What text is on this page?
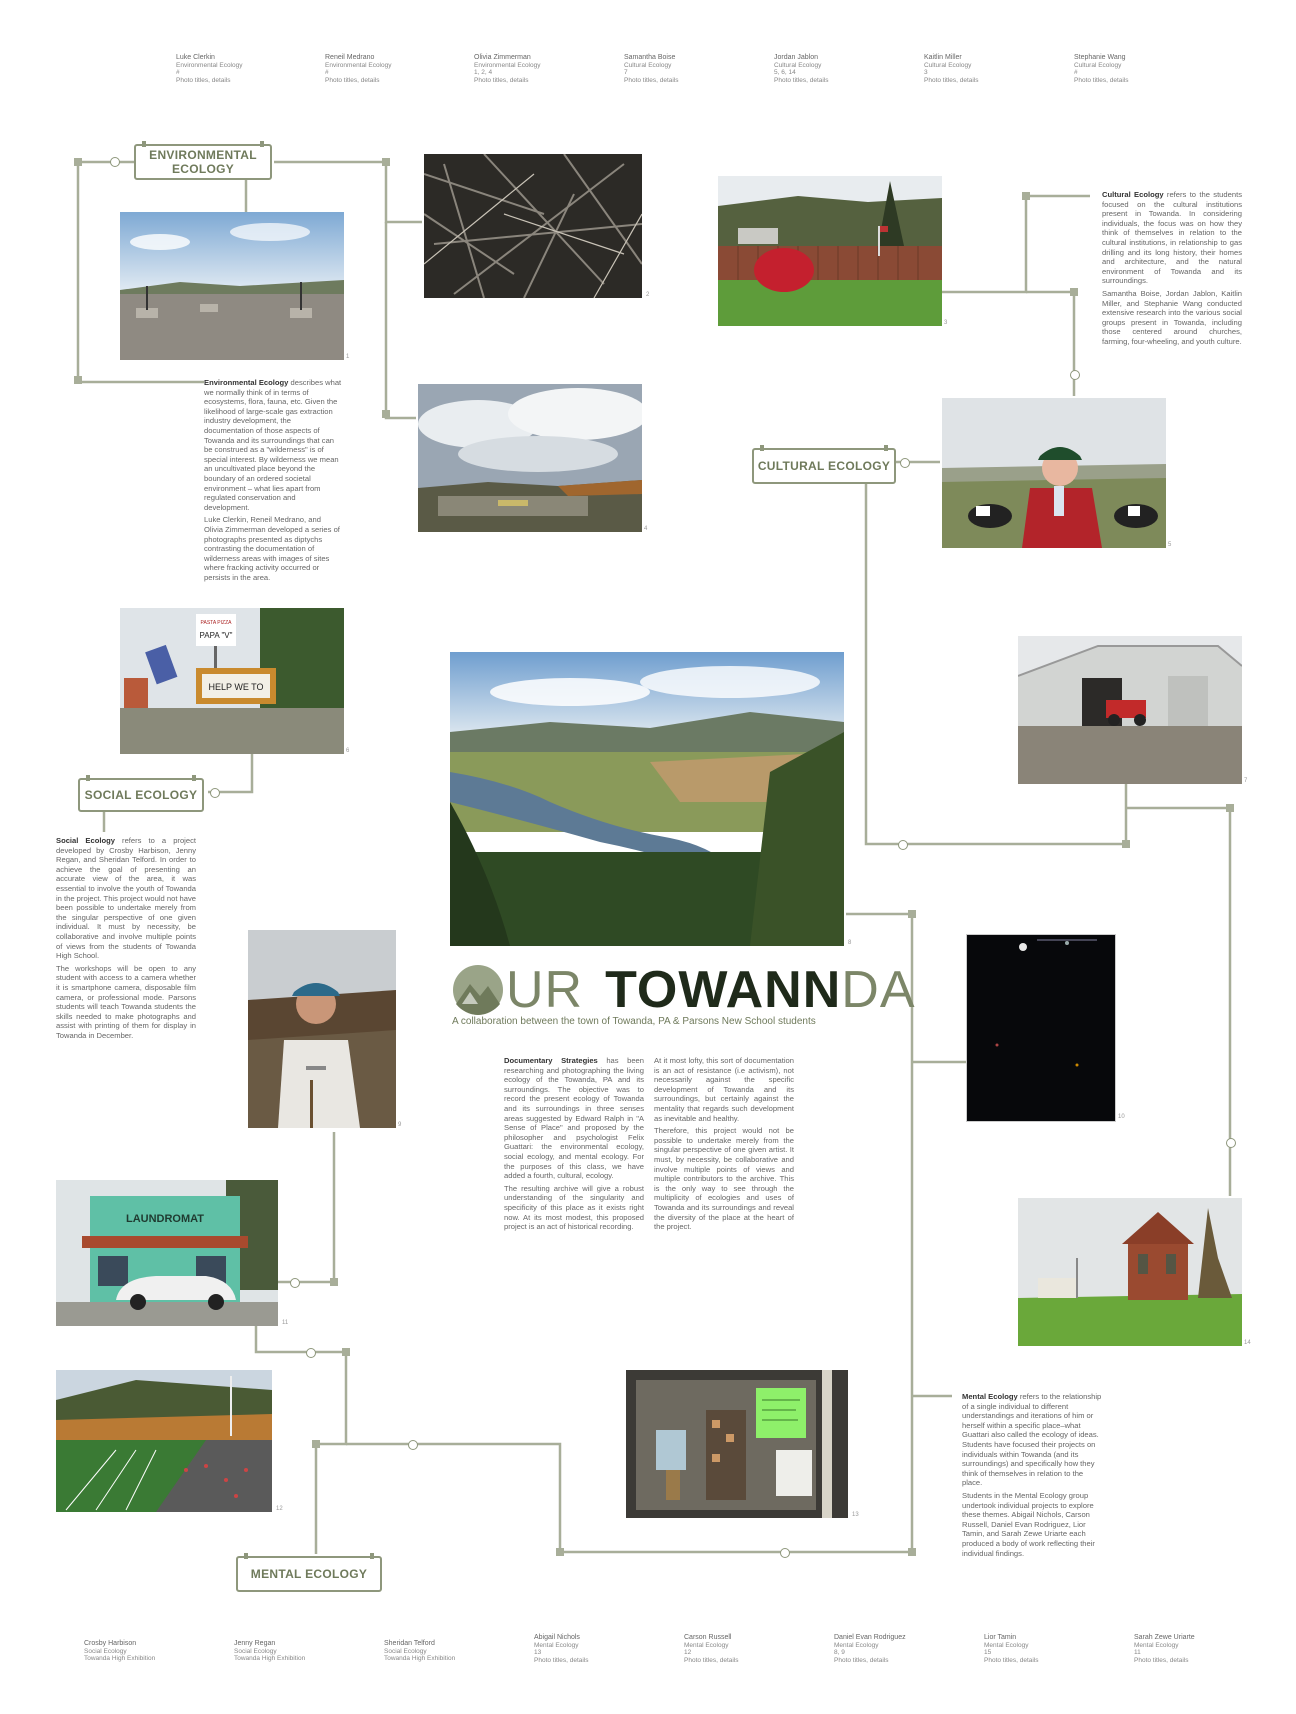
Luke Clerkin
Environmental Ecology
#
Photo titles, details
Reneil Medrano
Environmental Ecology
#
Photo titles, details
Olivia Zimmerman
Environmental Ecology
1, 2, 4
Photo titles, details
Samantha Boise
Cultural Ecology
7
Photo titles, details
Jordan Jablon
Cultural Ecology
5, 6, 14
Photo titles, details
Kaitlin Miller
Cultural Ecology
3
Photo titles, details
Stephanie Wang
Cultural Ecology
#
Photo titles, details
ENVIRONMENTAL ECOLOGY
CULTURAL ECOLOGY
SOCIAL ECOLOGY
MENTAL ECOLOGY
1
2
3
4
5
HELP WE TO
PASTA PIZZA
PAPA "V"
6
7
8
9
10
LAUNDROMAT
11
12
13
14

Environmental Ecology describes what we normally think of in terms of ecosystems, flora, fauna, etc. Given the likelihood of large-scale gas extraction industry development, the documentation of those aspects of Towanda and its surroundings that can be construed as a "wilderness" is of special interest. By wilderness we mean an uncultivated place beyond the boundary of an ordered societal environment – what lies apart from regulated conservation and development.

Luke Clerkin, Reneil Medrano, and Olivia Zimmerman developed a series of photographs presented as diptychs contrasting the documentation of wilderness areas with images of sites where fracking activity occurred or persists in the area.

Cultural Ecology refers to the students focused on the cultural institutions present in Towanda. In considering individuals, the focus was on how they think of themselves in relation to the cultural institutions, in relationship to gas drilling and its long history, their homes and architecture, and the natural environment of Towanda and its surroundings.

Samantha Boise, Jordan Jablon, Kaitlin Miller, and Stephanie Wang conducted extensive research into the various social groups present in Towanda, including those centered around churches, farming, four-wheeling, and youth culture.

Social Ecology refers to a project developed by Crosby Harbison, Jenny Regan, and Sheridan Telford. In order to achieve the goal of presenting an accurate view of the area, it was essential to involve the youth of Towanda in the project. This project would not have been possible to undertake merely from the singular perspective of one given individual. It must by necessity, be collaborative and involve multiple points of views from the students of Towanda High School.

The workshops will be open to any student with access to a camera whether it is smartphone camera, disposable film camera, or professional mode. Parsons students will teach Towanda students the skills needed to make photographs and assist with printing of them for display in Towanda in December.

Mental Ecology refers to the relationship of a single individual to different understandings and iterations of him or herself within a specific place–what Guattari also called the ecology of ideas. Students have focused their projects on individuals within Towanda (and its surroundings) and specifically how they think of themselves in relation to the place.

Students in the Mental Ecology group undertook individual projects to explore these themes. Abigail Nichols, Carson Russell, Daniel Evan Rodriguez, Lior Tamin, and Sarah Zewe Uriarte each produced a body of work reflecting their individual findings.

UR TOWANN DA
A collaboration between the town of Towanda, PA & Parsons New School students

Documentary Strategies has been researching and photographing the living ecology of the Towanda, PA and its surroundings. The objective was to record the present ecology of Towanda and its surroundings in three senses areas suggested by Edward Ralph in "A Sense of Place" and proposed by the philosopher and psychologist Felix Guattari: the environmental ecology, social ecology, and mental ecology. For the purposes of this class, we have added a fourth, cultural, ecology.

The resulting archive will give a robust understanding of the singularity and specificity of this place as it exists right now. At its most modest, this proposed project is an act of historical recording.

At it most lofty, this sort of documentation is an act of resistance (i.e activism), not necessarily against the specific development of Towanda and its surroundings, but certainly against the mentality that regards such development as inevitable and healthy.

Therefore, this project would not be possible to undertake merely from the singular perspective of one given artist. It must, by necessity, be collaborative and involve multiple points of views and multiple contributors to the archive. This is the only way to see through the multiplicity of ecologies and uses of Towanda and its surroundings and reveal the diversity of the place at the heart of the project.

Crosby Harbison
Social Ecology
Towanda High Exhibition
Jenny Regan
Social Ecology
Towanda High Exhibition
Sheridan Telford
Social Ecology
Towanda High Exhibition
Abigail Nichols
Mental Ecology
13
Photo titles, details
Carson Russell
Mental Ecology
12
Photo titles, details
Daniel Evan Rodriguez
Mental Ecology
8, 9
Photo titles, details
Lior Tamin
Mental Ecology
15
Photo titles, details
Sarah Zewe Uriarte
Mental Ecology
11
Photo titles, details
